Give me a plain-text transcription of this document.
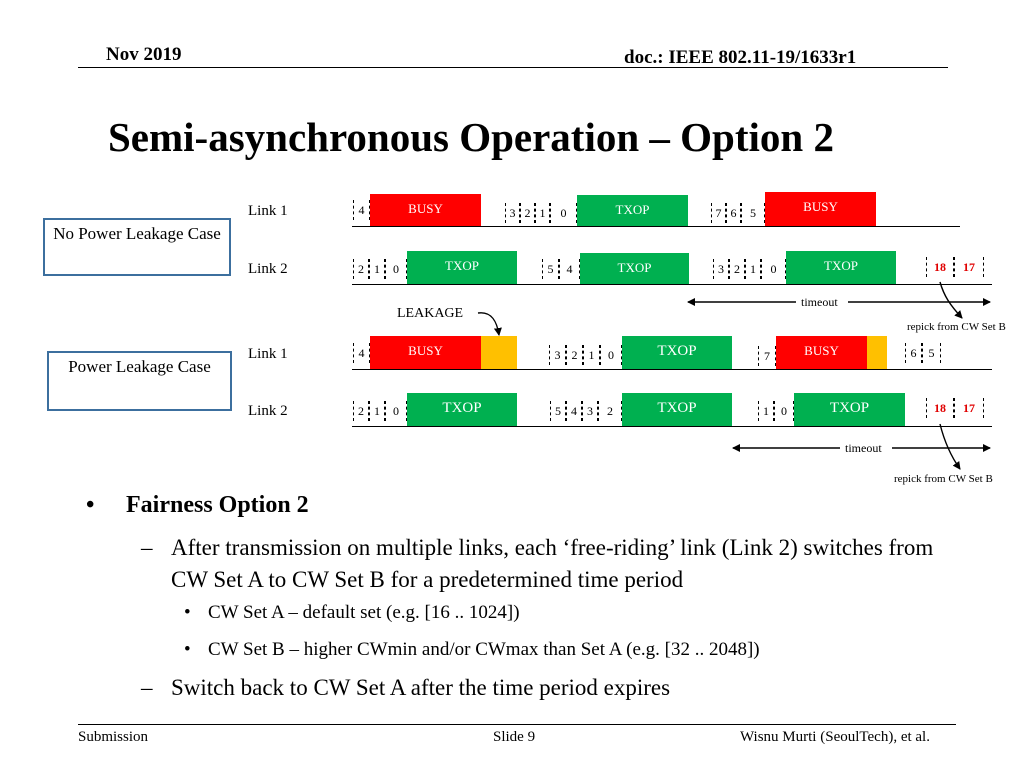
Nov 2019	doc.: IEEE 802.11-19/1633r1
Semi-asynchronous Operation – Option 2
No Power Leakage Case
Power Leakage Case
Link 1	4	BUSY	3 2 1	0	TXOP	7 6	5	BUSY
Link 2	2 1	0	TXOP	5	4	TXOP	3 2 1	0	TXOP	18	17
Link 1	4	BUSY	3 2 1	0	TXOP	7	BUSY	6	5
Link 2	2 1	0	TXOP	5 4 3	2	TXOP	1	0	TXOP	18	17
LEAKAGE
timeout
repick from CW Set B
timeout
repick from CW Set B
• Fairness Option 2
– After transmission on multiple links, each ‘free-riding’ link (Link 2) switches from CW Set A to CW Set B for a predetermined time period
• CW Set A – default set (e.g. [16 .. 1024])
• CW Set B – higher CWmin and/or CWmax than Set A (e.g. [32 .. 2048])
– Switch back to CW Set A after the time period expires
Submission	Slide 9	Wisnu Murti (SeoulTech), et al.
